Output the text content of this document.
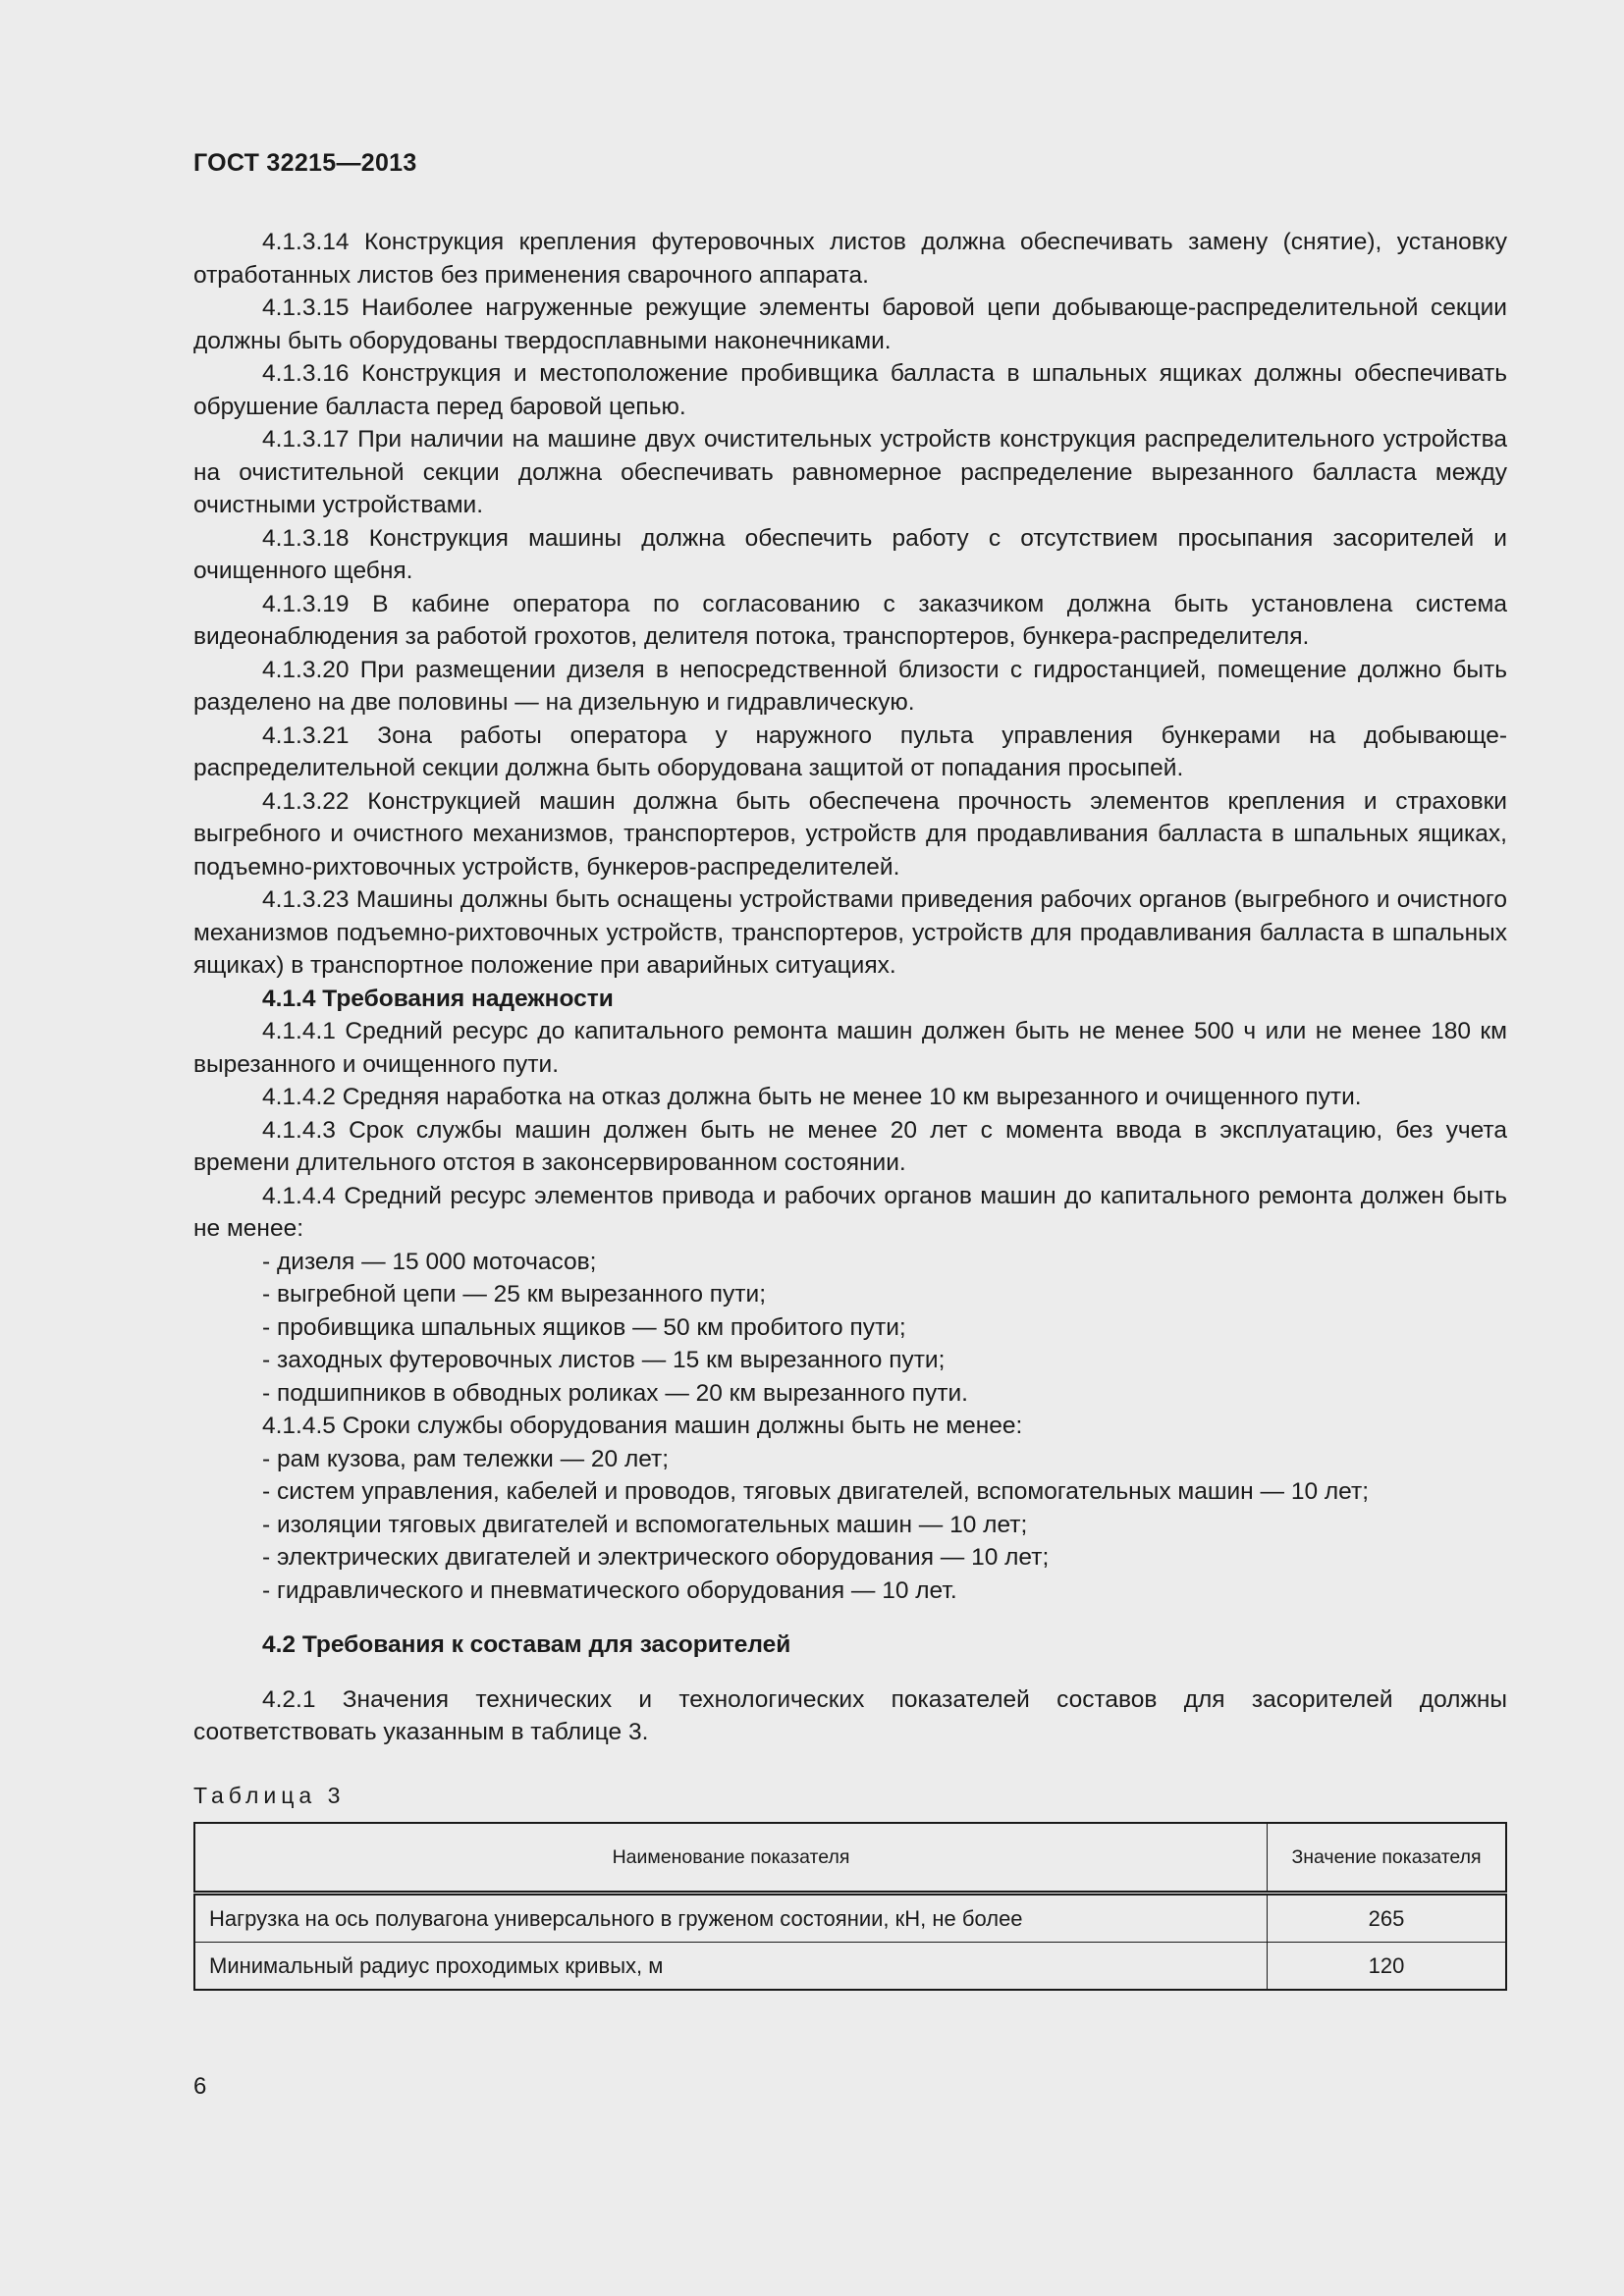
ГОСТ 32215—2013

4.1.3.14 Конструкция крепления футеровочных листов должна обеспечивать замену (снятие), установку отработанных листов без применения сварочного аппарата.

4.1.3.15 Наиболее нагруженные режущие элементы баровой цепи добывающе-распределительной секции должны быть оборудованы твердосплавными наконечниками.

4.1.3.16 Конструкция и местоположение пробивщика балласта в шпальных ящиках должны обеспечивать обрушение балласта перед баровой цепью.

4.1.3.17 При наличии на машине двух очистительных устройств конструкция распределительного устройства на очистительной секции должна обеспечивать равномерное распределение вырезанного балласта между очистными устройствами.

4.1.3.18 Конструкция машины должна обеспечить работу с отсутствием просыпания засорителей и очищенного щебня.

4.1.3.19 В кабине оператора по согласованию с заказчиком должна быть установлена система видеонаблюдения за работой грохотов, делителя потока, транспортеров, бункера-распределителя.

4.1.3.20 При размещении дизеля в непосредственной близости с гидростанцией, помещение должно быть разделено на две половины — на дизельную и гидравлическую.

4.1.3.21 Зона работы оператора у наружного пульта управления бункерами на добывающе-распределительной секции должна быть оборудована защитой от попадания просыпей.

4.1.3.22 Конструкцией машин должна быть обеспечена прочность элементов крепления и страховки выгребного и очистного механизмов, транспортеров, устройств для продавливания балласта в шпальных ящиках, подъемно-рихтовочных устройств, бункеров-распределителей.

4.1.3.23 Машины должны быть оснащены устройствами приведения рабочих органов (выгребного и очистного механизмов подъемно-рихтовочных устройств, транспортеров, устройств для продавливания балласта в шпальных ящиках) в транспортное положение при аварийных ситуациях.

4.1.4 Требования надежности

4.1.4.1 Средний ресурс до капитального ремонта машин должен быть не менее 500 ч или не менее 180 км вырезанного и очищенного пути.

4.1.4.2 Средняя наработка на отказ должна быть не менее 10 км вырезанного и очищенного пути.

4.1.4.3 Срок службы машин должен быть не менее 20 лет с момента ввода в эксплуатацию, без учета времени длительного отстоя в законсервированном состоянии.

4.1.4.4 Средний ресурс элементов привода и рабочих органов машин до капитального ремонта должен быть не менее:

- дизеля — 15 000 моточасов;

- выгребной цепи — 25 км вырезанного пути;

- пробивщика шпальных ящиков — 50 км пробитого пути;

- заходных футеровочных листов — 15 км вырезанного пути;

- подшипников в обводных роликах — 20 км вырезанного пути.

4.1.4.5 Сроки службы оборудования машин должны быть не менее:

- рам кузова, рам тележки — 20 лет;

- систем управления, кабелей и проводов, тяговых двигателей, вспомогательных машин — 10 лет;

- изоляции тяговых двигателей и вспомогательных машин — 10 лет;

- электрических двигателей и электрического оборудования — 10 лет;

- гидравлического и пневматического оборудования — 10 лет.

4.2 Требования к составам для засорителей

4.2.1 Значения технических и технологических показателей составов для засорителей должны соответствовать указанным в таблице 3.

Таблица 3
Наименование показателя	Значение показателя
Нагрузка на ось полувагона универсального в груженом состоянии, кН, не более	265
Минимальный радиус проходимых кривых, м	120
6
